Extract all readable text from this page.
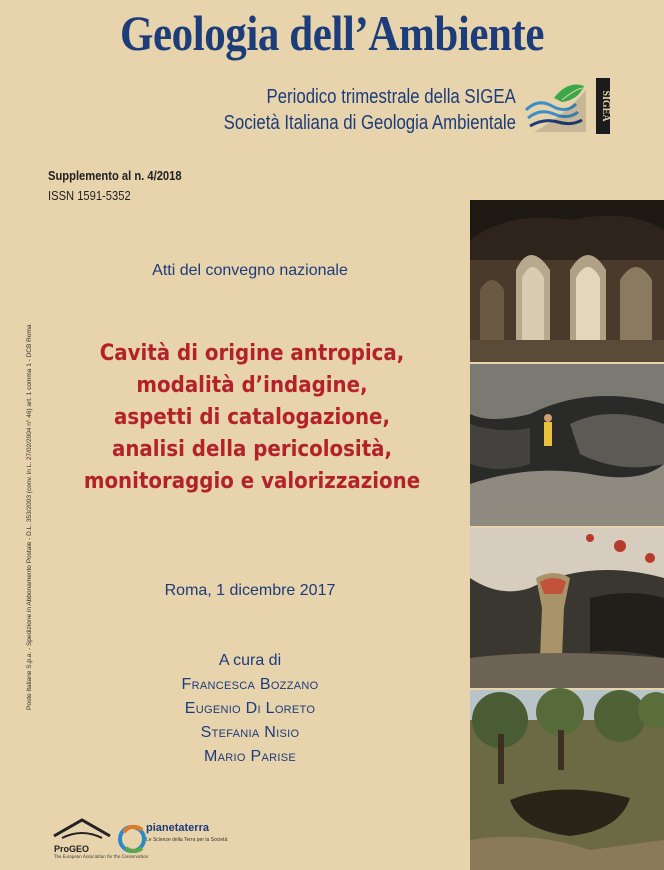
Geologia dell’Ambiente
Periodico trimestrale della SIGEA
Società Italiana di Geologia Ambientale
SIGEA
Supplemento al n. 4/2018
ISSN 1591-5352
Poste Italiane S.p.a. - Spedizione in Abbonamento Postale - D.L. 353/2003 (conv. in L. 27/02/2004 n° 46) art. 1 comma 1 - DCB Roma
Atti del convegno nazionale
Cavità di origine antropica,
modalità d’indagine,
aspetti di catalogazione,
analisi della pericolosità,
monitoraggio e valorizzazione
Roma, 1 dicembre 2017
A cura di
Francesca Bozzano
Eugenio Di Loreto
Stefania Nisio
Mario Parise
The European Association for the Conservation
ProGEO
pianetaterra
Le Scienze della Terra per la Società
